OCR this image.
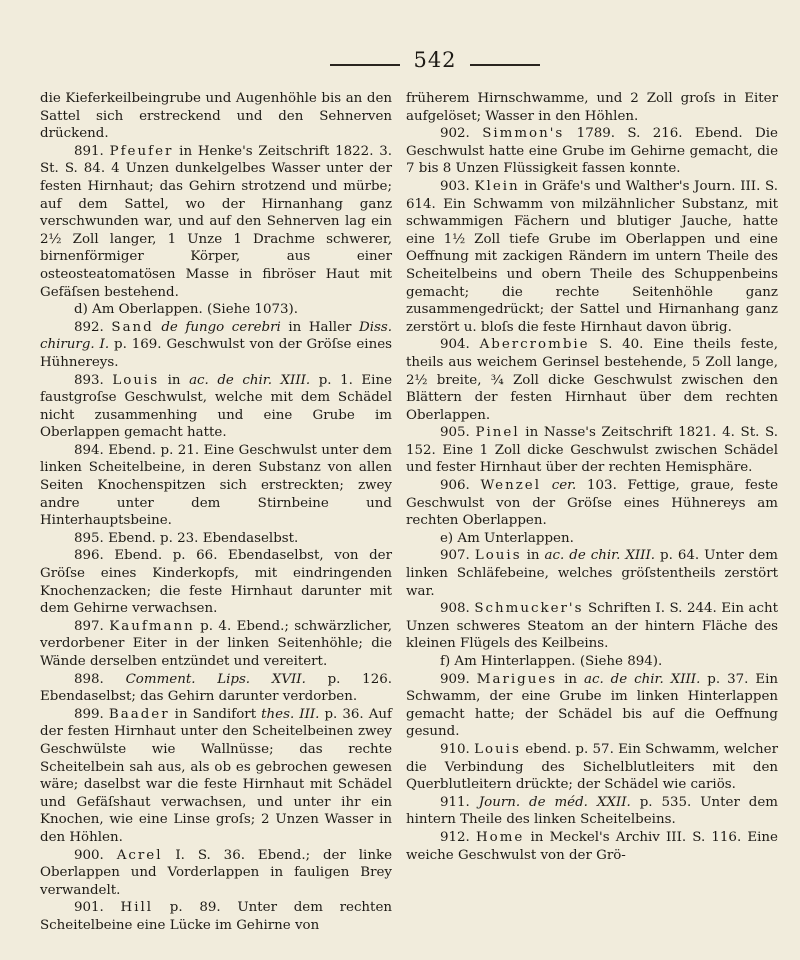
542

die Kieferkeilbeingrube und Augenhöhle bis an den Sattel sich erstreckend und den Sehnerven drückend.

891. Pfeufer in Henke's Zeitschrift 1822. 3. St. S. 84. 4 Unzen dunkelgelbes Wasser unter der festen Hirnhaut; das Gehirn strotzend und mürbe; auf dem Sattel, wo der Hirnanhang ganz verschwunden war, und auf den Sehnerven lag ein 2½ Zoll langer, 1 Unze 1 Drachme schwerer, birnenförmiger Körper, aus einer osteosteatomatösen Masse in fibröser Haut mit Gefäſsen bestehend.

d) Am Oberlappen. (Siehe 1073).

892. Sand de fungo cerebri in Haller Diss. chirurg. I. p. 169. Geschwulst von der Gröſse eines Hühnereys.

893. Louis in ac. de chir. XIII. p. 1. Eine faustgroſse Geschwulst, welche mit dem Schädel nicht zusammenhing und eine Grube im Oberlappen gemacht hatte.

894. Ebend. p. 21. Eine Geschwulst unter dem linken Scheitelbeine, in deren Substanz von allen Seiten Knochenspitzen sich erstreckten; zwey andre unter dem Stirnbeine und Hinterhauptsbeine.

895. Ebend. p. 23. Ebendaselbst.

896. Ebend. p. 66. Ebendaselbst, von der Gröſse eines Kinderkopfs, mit eindringenden Knochenzacken; die feste Hirnhaut darunter mit dem Gehirne verwachsen.

897. Kaufmann p. 4. Ebend.; schwärzlicher, verdorbener Eiter in der linken Seitenhöhle; die Wände derselben entzündet und vereitert.

898. Comment. Lips. XVII. p. 126. Ebendaselbst; das Gehirn darunter verdorben.

899. Baader in Sandifort thes. III. p. 36. Auf der festen Hirnhaut unter den Scheitelbeinen zwey Geschwülste wie Wallnüsse; das rechte Scheitelbein sah aus, als ob es gebrochen gewesen wäre; daselbst war die feste Hirnhaut mit Schädel und Gefäſshaut verwachsen, und unter ihr ein Knochen, wie eine Linse groſs; 2 Unzen Wasser in den Höhlen.

900. Acrel I. S. 36. Ebend.; der linke Oberlappen und Vorderlappen in fauligen Brey verwandelt.

901. Hill p. 89. Unter dem rechten Scheitelbeine eine Lücke im Gehirne von

früherem Hirnschwamme, und 2 Zoll groſs in Eiter aufgelöset; Wasser in den Höhlen.

902. Simmon's 1789. S. 216. Ebend. Die Geschwulst hatte eine Grube im Gehirne gemacht, die 7 bis 8 Unzen Flüssigkeit fassen konnte.

903. Klein in Gräfe's und Walther's Journ. III. S. 614. Ein Schwamm von milzähnlicher Substanz, mit schwammigen Fächern und blutiger Jauche, hatte eine 1½ Zoll tiefe Grube im Oberlappen und eine Oeffnung mit zackigen Rändern im untern Theile des Scheitelbeins und obern Theile des Schuppenbeins gemacht; die rechte Seitenhöhle ganz zusammengedrückt; der Sattel und Hirnanhang ganz zerstört u. bloſs die feste Hirnhaut davon übrig.

904. Abercrombie S. 40. Eine theils feste, theils aus weichem Gerinsel bestehende, 5 Zoll lange, 2½ breite, ¾ Zoll dicke Geschwulst zwischen den Blättern der festen Hirnhaut über dem rechten Oberlappen.

905. Pinel in Nasse's Zeitschrift 1821. 4. St. S. 152. Eine 1 Zoll dicke Geschwulst zwischen Schädel und fester Hirnhaut über der rechten Hemisphäre.

906. Wenzel cer. 103. Fettige, graue, feste Geschwulst von der Gröſse eines Hühnereys am rechten Oberlappen.

e) Am Unterlappen.

907. Louis in ac. de chir. XIII. p. 64. Unter dem linken Schläfebeine, welches gröſstentheils zerstört war.

908. Schmucker's Schriften I. S. 244. Ein acht Unzen schweres Steatom an der hintern Fläche des kleinen Flügels des Keilbeins.

f) Am Hinterlappen. (Siehe 894).

909. Marigues in ac. de chir. XIII. p. 37. Ein Schwamm, der eine Grube im linken Hinterlappen gemacht hatte; der Schädel bis auf die Oeffnung gesund.

910. Louis ebend. p. 57. Ein Schwamm, welcher die Verbindung des Sichelblutleiters mit den Querblutleitern drückte; der Schädel wie cariös.

911. Journ. de méd. XXII. p. 535. Unter dem hintern Theile des linken Scheitelbeins.

912. Home in Meckel's Archiv III. S. 116. Eine weiche Geschwulst von der Grö-
